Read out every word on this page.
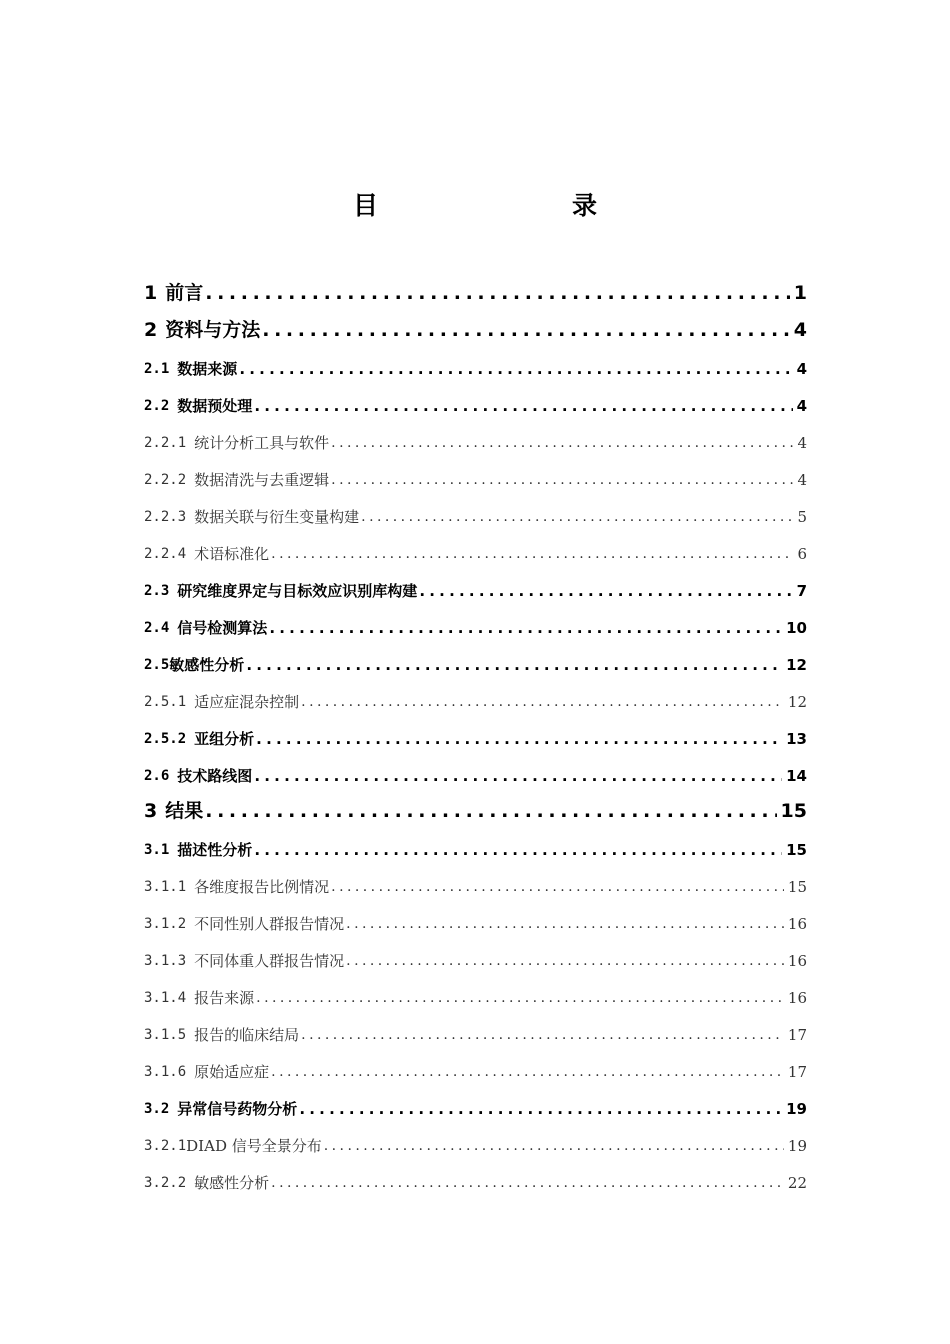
目　　录
1 前言 . . .	1
2 资料与方法 . . .	4
2.1 数据来源 . . .	4
2.2 数据预处理 . . .	4
2.2.1 统计分析工具与软件 . . .	4
2.2.2 数据清洗与去重逻辑 . . .	4
2.2.3 数据关联与衍生变量构建 . . .	5
2.2.4 术语标准化 . . .	6
2.3 研究维度界定与目标效应识别库构建 . . .	7
2.4 信号检测算法 . . .	10
2.5 敏感性分析 . . .	12
2.5.1 适应症混杂控制 . . .	12
2.5.2 亚组分析 . . .	13
2.6 技术路线图 . . .	14
3 结果 . . .	15
3.1 描述性分析 . . .	15
3.1.1 各维度报告比例情况 . . .	15
3.1.2 不同性别人群报告情况 . . .	16
3.1.3 不同体重人群报告情况 . . .	16
3.1.4 报告来源 . . .	16
3.1.5 报告的临床结局 . . .	17
3.1.6 原始适应症 . . .	17
3.2 异常信号药物分析 . . .	19
3.2.1 DIAD 信号全景分布 . . .	19
3.2.2 敏感性分析 . . .	22
